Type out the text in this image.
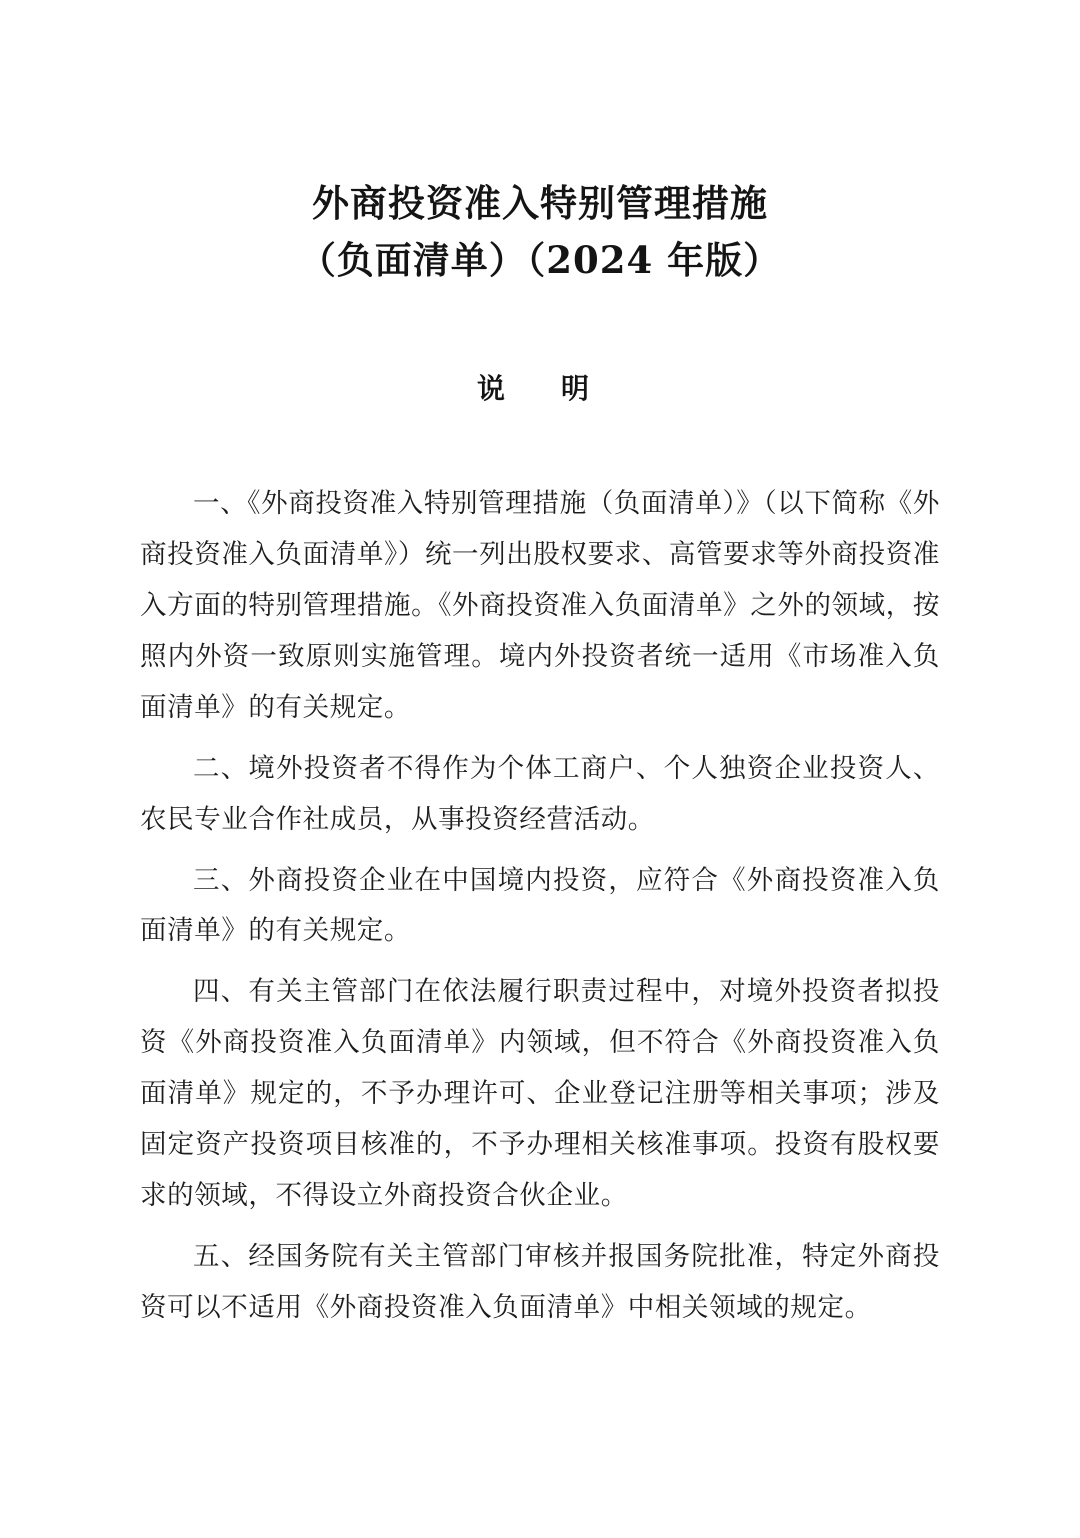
外商投资准入特别管理措施
（负面清单）（2024 年版）
说　明

一、《外商投资准入特别管理措施（负面清单）》（以下简称《外商投资准入负面清单》）统一列出股权要求、高管要求等外商投资准入方面的特别管理措施。《外商投资准入负面清单》之外的领域，按照内外资一致原则实施管理。境内外投资者统一适用《市场准入负面清单》的有关规定。

二、境外投资者不得作为个体工商户、个人独资企业投资人、农民专业合作社成员，从事投资经营活动。

三、外商投资企业在中国境内投资，应符合《外商投资准入负面清单》的有关规定。

四、有关主管部门在依法履行职责过程中，对境外投资者拟投资《外商投资准入负面清单》内领域，但不符合《外商投资准入负面清单》规定的，不予办理许可、企业登记注册等相关事项；涉及固定资产投资项目核准的，不予办理相关核准事项。投资有股权要求的领域，不得设立外商投资合伙企业。

五、经国务院有关主管部门审核并报国务院批准，特定外商投资可以不适用《外商投资准入负面清单》中相关领域的规定。
